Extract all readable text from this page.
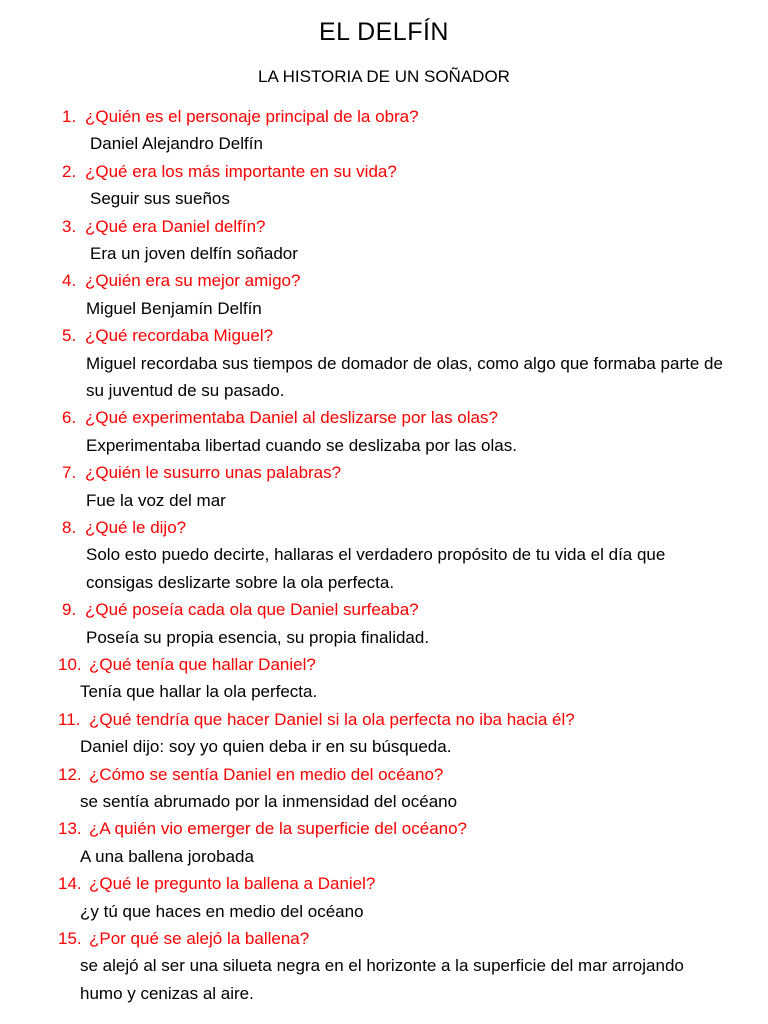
EL DELFÍN
LA HISTORIA DE UN SOÑADOR
1. ¿Quién es el personaje principal de la obra?
Daniel Alejandro Delfín
2. ¿Qué era los más importante en su vida?
Seguir sus sueños
3. ¿Qué era Daniel delfín?
Era un joven delfín soñador
4. ¿Quién era su mejor amigo?
Miguel Benjamín Delfín
5. ¿Qué recordaba Miguel?
Miguel recordaba sus tiempos de domador de olas, como algo que formaba parte de su juventud de su pasado.
6. ¿Qué experimentaba Daniel al deslizarse por las olas?
Experimentaba libertad cuando se deslizaba por las olas.
7. ¿Quién le susurro unas palabras?
Fue la voz del mar
8. ¿Qué le dijo?
Solo esto puedo decirte, hallaras el verdadero propósito de tu vida el día que consigas deslizarte sobre la ola perfecta.
9. ¿Qué poseía cada ola que Daniel surfeaba?
Poseía su propia esencia, su propia finalidad.
10. ¿Qué tenía que hallar Daniel?
Tenía que hallar la ola perfecta.
11. ¿Qué tendría que hacer Daniel si la ola perfecta no iba hacia él?
Daniel dijo: soy yo quien deba ir en su búsqueda.
12. ¿Cómo se sentía Daniel en medio del océano?
se sentía abrumado por la inmensidad del océano
13. ¿A quién vio emerger de la superficie del océano?
A una ballena jorobada
14. ¿Qué le pregunto la ballena a Daniel?
¿y tú que haces en medio del océano
15. ¿Por qué se alejó la ballena?
se alejó al ser una silueta negra en el horizonte a la superficie del mar arrojando humo y cenizas al aire.
